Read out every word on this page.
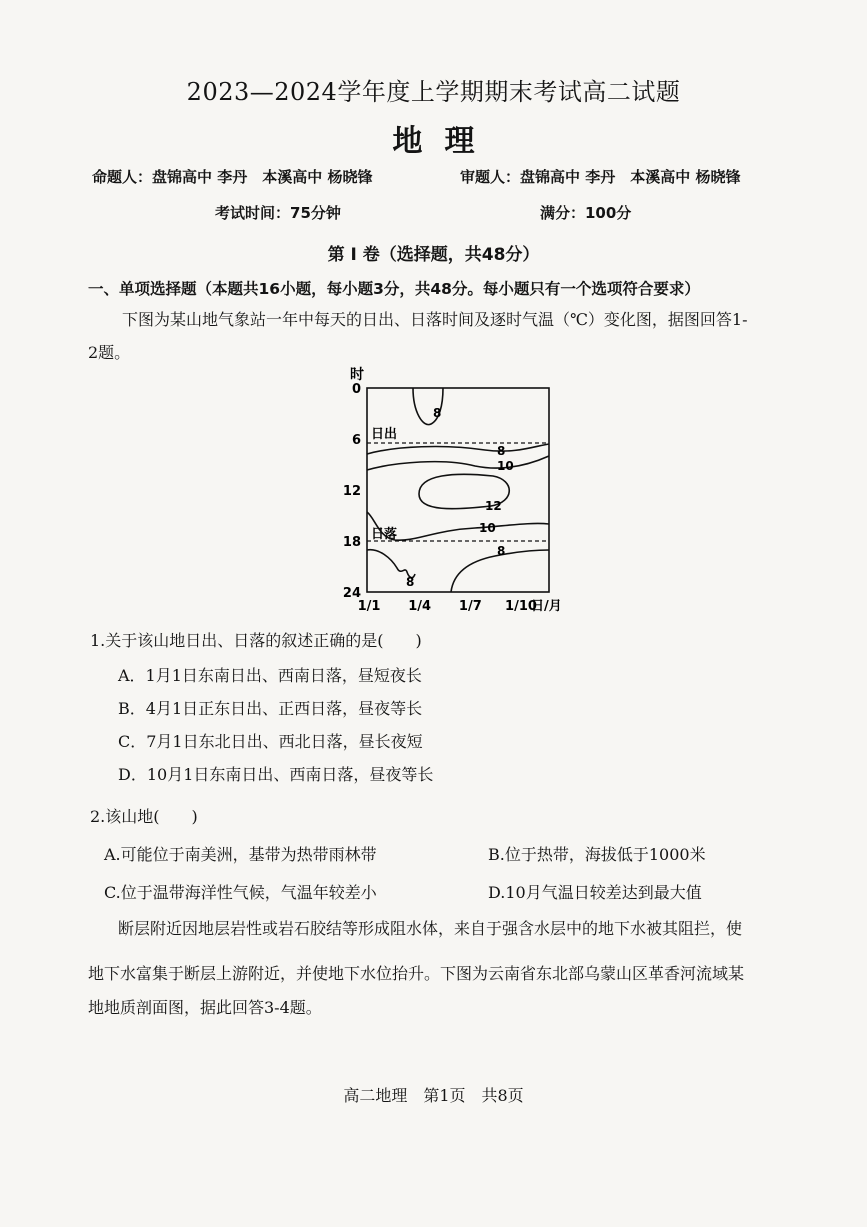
2023—2024学年度上学期期末考试高二试题
地理
命题人：盘锦高中 李丹　本溪高中 杨晓锋	审题人：盘锦高中 李丹　本溪高中 杨晓锋
考试时间：75分钟	满分：100分
第 Ⅰ 卷（选择题，共48分）
一、单项选择题（本题共16小题，每小题3分，共48分。每小题只有一个选项符合要求）
下图为某山地气象站一年中每天的日出、日落时间及逐时气温（℃）变化图，据图回答1-
2题。
时
0
6
12
18
24
1/1 1/4 1/7 1/10
日/月
日出
日落
8
8
10
12
10
8
8
1.关于该山地日出、日落的叙述正确的是(　　)
A．1月1日东南日出、西南日落，昼短夜长
B．4月1日正东日出、正西日落，昼夜等长
C．7月1日东北日出、西北日落，昼长夜短
D．10月1日东南日出、西南日落，昼夜等长
2.该山地(　　)
A.可能位于南美洲，基带为热带雨林带	B.位于热带，海拔低于1000米
C.位于温带海洋性气候，气温年较差小	D.10月气温日较差达到最大值
断层附近因地层岩性或岩石胶结等形成阻水体，来自于强含水层中的地下水被其阻拦，使
地下水富集于断层上游附近，并使地下水位抬升。下图为云南省东北部乌蒙山区革香河流域某
地地质剖面图，据此回答3-4题。
高二地理　第1页　共8页
